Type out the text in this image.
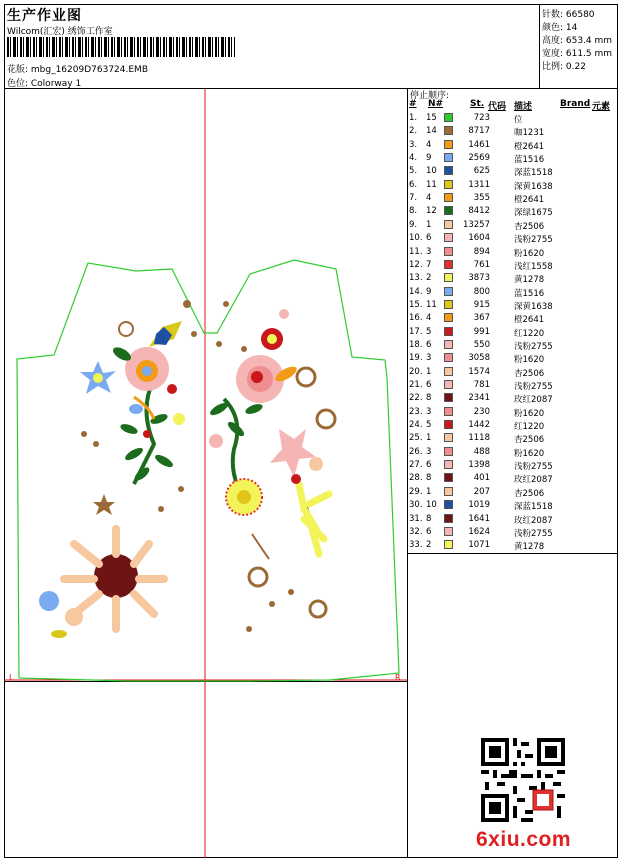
生产作业图
Wilcom(汇宏) 绣饰工作室
花版: mbg_16209D763724.EMB
色位: Colorway 1
针数: 66580
颜色: 14
高度: 653.4 mm
宽度: 611.5 mm
比例: 0.22
停止顺序:
# N#	St. 代码 描述	Brand 元素
1. 15	723	位
2. 14	8717	咖1231
3. 4	1461	橙2641
4. 9	2569	蓝1516
5. 10	625	深蓝1518
6. 11	1311	深黄1638
7. 4	355	橙2641
8. 12	8412	深绿1675
9. 1	13257	杏2506
10. 6	1604	浅粉2755
11. 3	894	粉1620
12. 7	761	浅红1558
13. 2	3873	黄1278
14. 9	800	蓝1516
15. 11	915	深黄1638
16. 4	367	橙2641
17. 5	991	红1220
18. 6	550	浅粉2755
19. 3	3058	粉1620
20. 1	1574	杏2506
21. 6	781	浅粉2755
22. 8	2341	玫红2087
23. 3	230	粉1620
24. 5	1442	红1220
25. 1	1118	杏2506
26. 3	488	粉1620
27. 6	1398	浅粉2755
28. 8	401	玫红2087
29. 1	207	杏2506
30. 10	1019	深蓝1518
31. 8	1641	玫红2087
32. 6	1624	浅粉2755
33. 2	1071	黄1278
L	R
6xiu.com
